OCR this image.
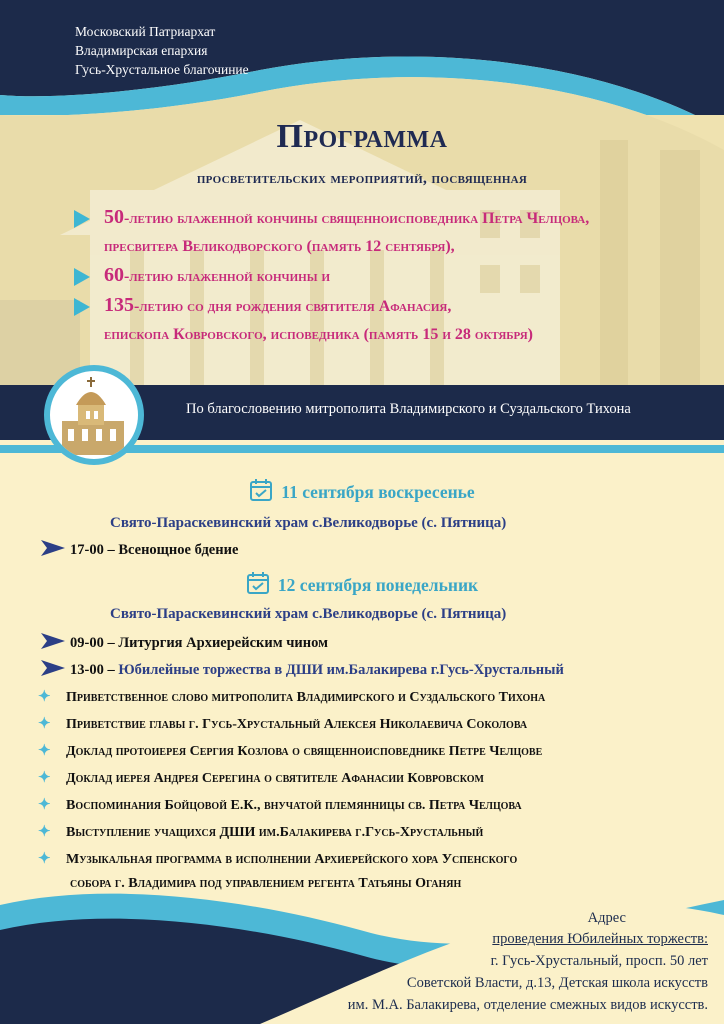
Московский Патриархат
Владимирская епархия
Гусь-Хрустальное благочиние
Программа
просветительских мероприятий, посвященная
50-летию блаженной кончины священноисповедника Петра Челцова,
пресвитера Великодворского (память 12 сентября),
60-летию блаженной кончины и
135-летию со дня рождения святителя Афанасия,
епископа Ковровского, исповедника (память 15 и 28 октября)
По благословению митрополита Владимирского и Суздальского Тихона
11 сентября воскресенье
Свято-Параскевинский храм с.Великодворье (с. Пятница)
17-00 – Всенощное бдение
12 сентября понедельник
Свято-Параскевинский храм с.Великодворье (с. Пятница)
09-00 – Литургия Архиерейским чином
13-00 – Юбилейные торжества в ДШИ им.Балакирева г.Гусь-Хрустальный
✦ Приветственное слово митрополита Владимирского и Суздальского Тихона
✦ Приветствие главы г. Гусь-Хрустальный Алексея Николаевича Соколова
✦ Доклад протоиерея Сергия Козлова о священноисповеднике Петре Челцове
✦ Доклад иерея Андрея Серегина о святителе Афанасии Ковровском
✦ Воспоминания Бойцовой Е.К., внучатой племянницы св. Петра Челцова
✦ Выступление учащихся ДШИ им.Балакирева г.Гусь-Хрустальный
✦ Музыкальная программа в исполнении Архиерейского хора Успенского
собора г. Владимира под управлением регента Татьяны Оганян
Адрес
проведения Юбилейных торжеств:
г. Гусь-Хрустальный, просп. 50 лет
Советской Власти, д.13, Детская школа искусств
им. М.А. Балакирева, отделение смежных видов искусств.
